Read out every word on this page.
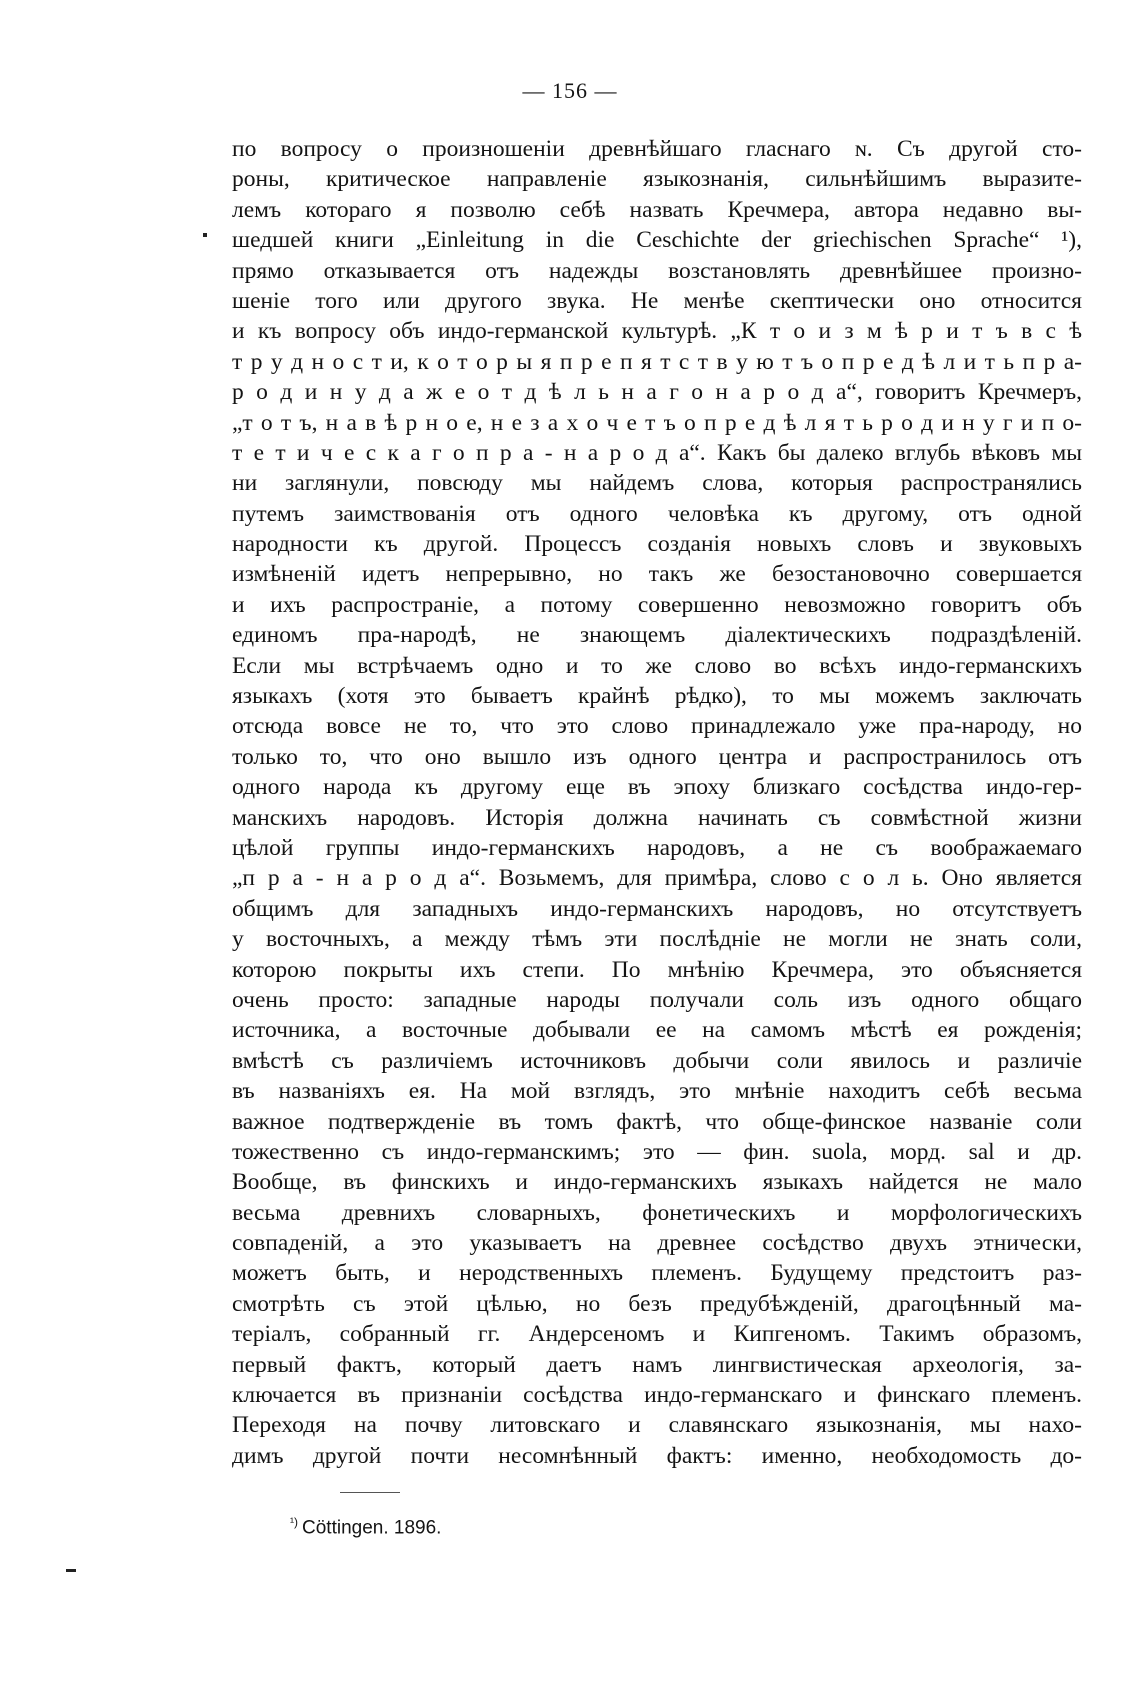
— 156 —
по вопросу о произношенiи древнѣйшаго гласнаго ɴ. Съ другой сто-
роны, критическое направленiе языкознанiя, сильнѣйшимъ выразите-
лемъ котораго я позволю себѣ назвать Кречмера, автора недавно вы-
шедшей книги „Einleitung in die Ceschichte der griechischen Sprache“ ¹),
прямо отказывается отъ надежды возстановлять древнѣйшее произно-
шенiе того или другого звука. Не менѣе скептически оно относится
и къ вопросу объ индо-германской культурѣ. „К т о и з м ѣ р и т ъ в с ѣ
т р у д н о с т и, к о т о р ы я п р е п я т с т в у ю т ъ о п р е д ѣ л и т ь п р а-
р о д и н у д а ж е о т д ѣ л ь н а г о н а р о д а“, говоритъ Кречмеръ,
„т о т ъ, н а в ѣ р н о е, н е з а х о ч е т ъ о п р е д ѣ л я т ь р о д и н у г и п о-
т е т и ч е с к а г о п р а - н а р о д а“. Какъ бы далеко вглубь вѣковъ мы
ни заглянули, повсюду мы найдемъ слова, которыя распространялись
путемъ заимствованiя отъ одного человѣка къ другому, отъ одной
народности къ другой. Процессъ созданiя новыхъ словъ и звуковыхъ
измѣненiй идетъ непрерывно, но такъ же безостановочно совершается
и ихъ распространiе, а потому совершенно невозможно говоритъ объ
единомъ пра-народѣ, не знающемъ дiалектическихъ подраздѣленiй.
Если мы встрѣчаемъ одно и то же слово во всѣхъ индо-германскихъ
языкахъ (хотя это бываетъ крайнѣ рѣдко), то мы можемъ заключать
отсюда вовсе не то, что это слово принадлежало уже пра-народу, но
только то, что оно вышло изъ одного центра и распространилось отъ
одного народа къ другому еще въ эпоху близкаго сосѣдства индо-гер-
манскихъ народовъ. Исторiя должна начинать съ совмѣстной жизни
цѣлой группы индо-германскихъ народовъ, а не съ воображаемаго
„п р а - н а р о д а“. Возьмемъ, для примѣра, слово с о л ь. Оно является
общимъ для западныхъ индо-германскихъ народовъ, но отсутствуетъ
у восточныхъ, а между тѣмъ эти послѣднiе не могли не знать соли,
которою покрыты ихъ степи. По мнѣнiю Кречмера, это объясняется
очень просто: западные народы получали соль изъ одного общаго
источника, а восточные добывали ее на самомъ мѣстѣ ея рожденiя;
вмѣстѣ съ различiемъ источниковъ добычи соли явилось и различiе
въ названiяхъ ея. На мой взглядъ, это мнѣнiе находитъ себѣ весьма
важное подтвержденiе въ томъ фактѣ, что обще-финское названiе соли
тожественно съ индо-германскимъ; это — фин. suola, морд. sal и др.
Вообще, въ финскихъ и индо-германскихъ языкахъ найдется не мало
весьма древнихъ словарныхъ, фонетическихъ и морфологическихъ
совпаденiй, а это указываетъ на древнее сосѣдство двухъ этнически,
можетъ быть, и неродственныхъ племенъ. Будущему предстоитъ раз-
смотрѣть съ этой цѣлью, но безъ предубѣжденiй, драгоцѣнный ма-
терiалъ, собранный гг. Андерсеномъ и Кипгеномъ. Такимъ образомъ,
первый фактъ, который даетъ намъ лингвистическая археологiя, за-
ключается въ признанiи сосѣдства индо-германскаго и финскаго племенъ.
Переходя на почву литовскаго и славянскаго языкознанiя, мы нахо-
димъ другой почти несомнѣнный фактъ: именно, необходомость до-
$^{^1)}$ Cöttingen. 1896.
